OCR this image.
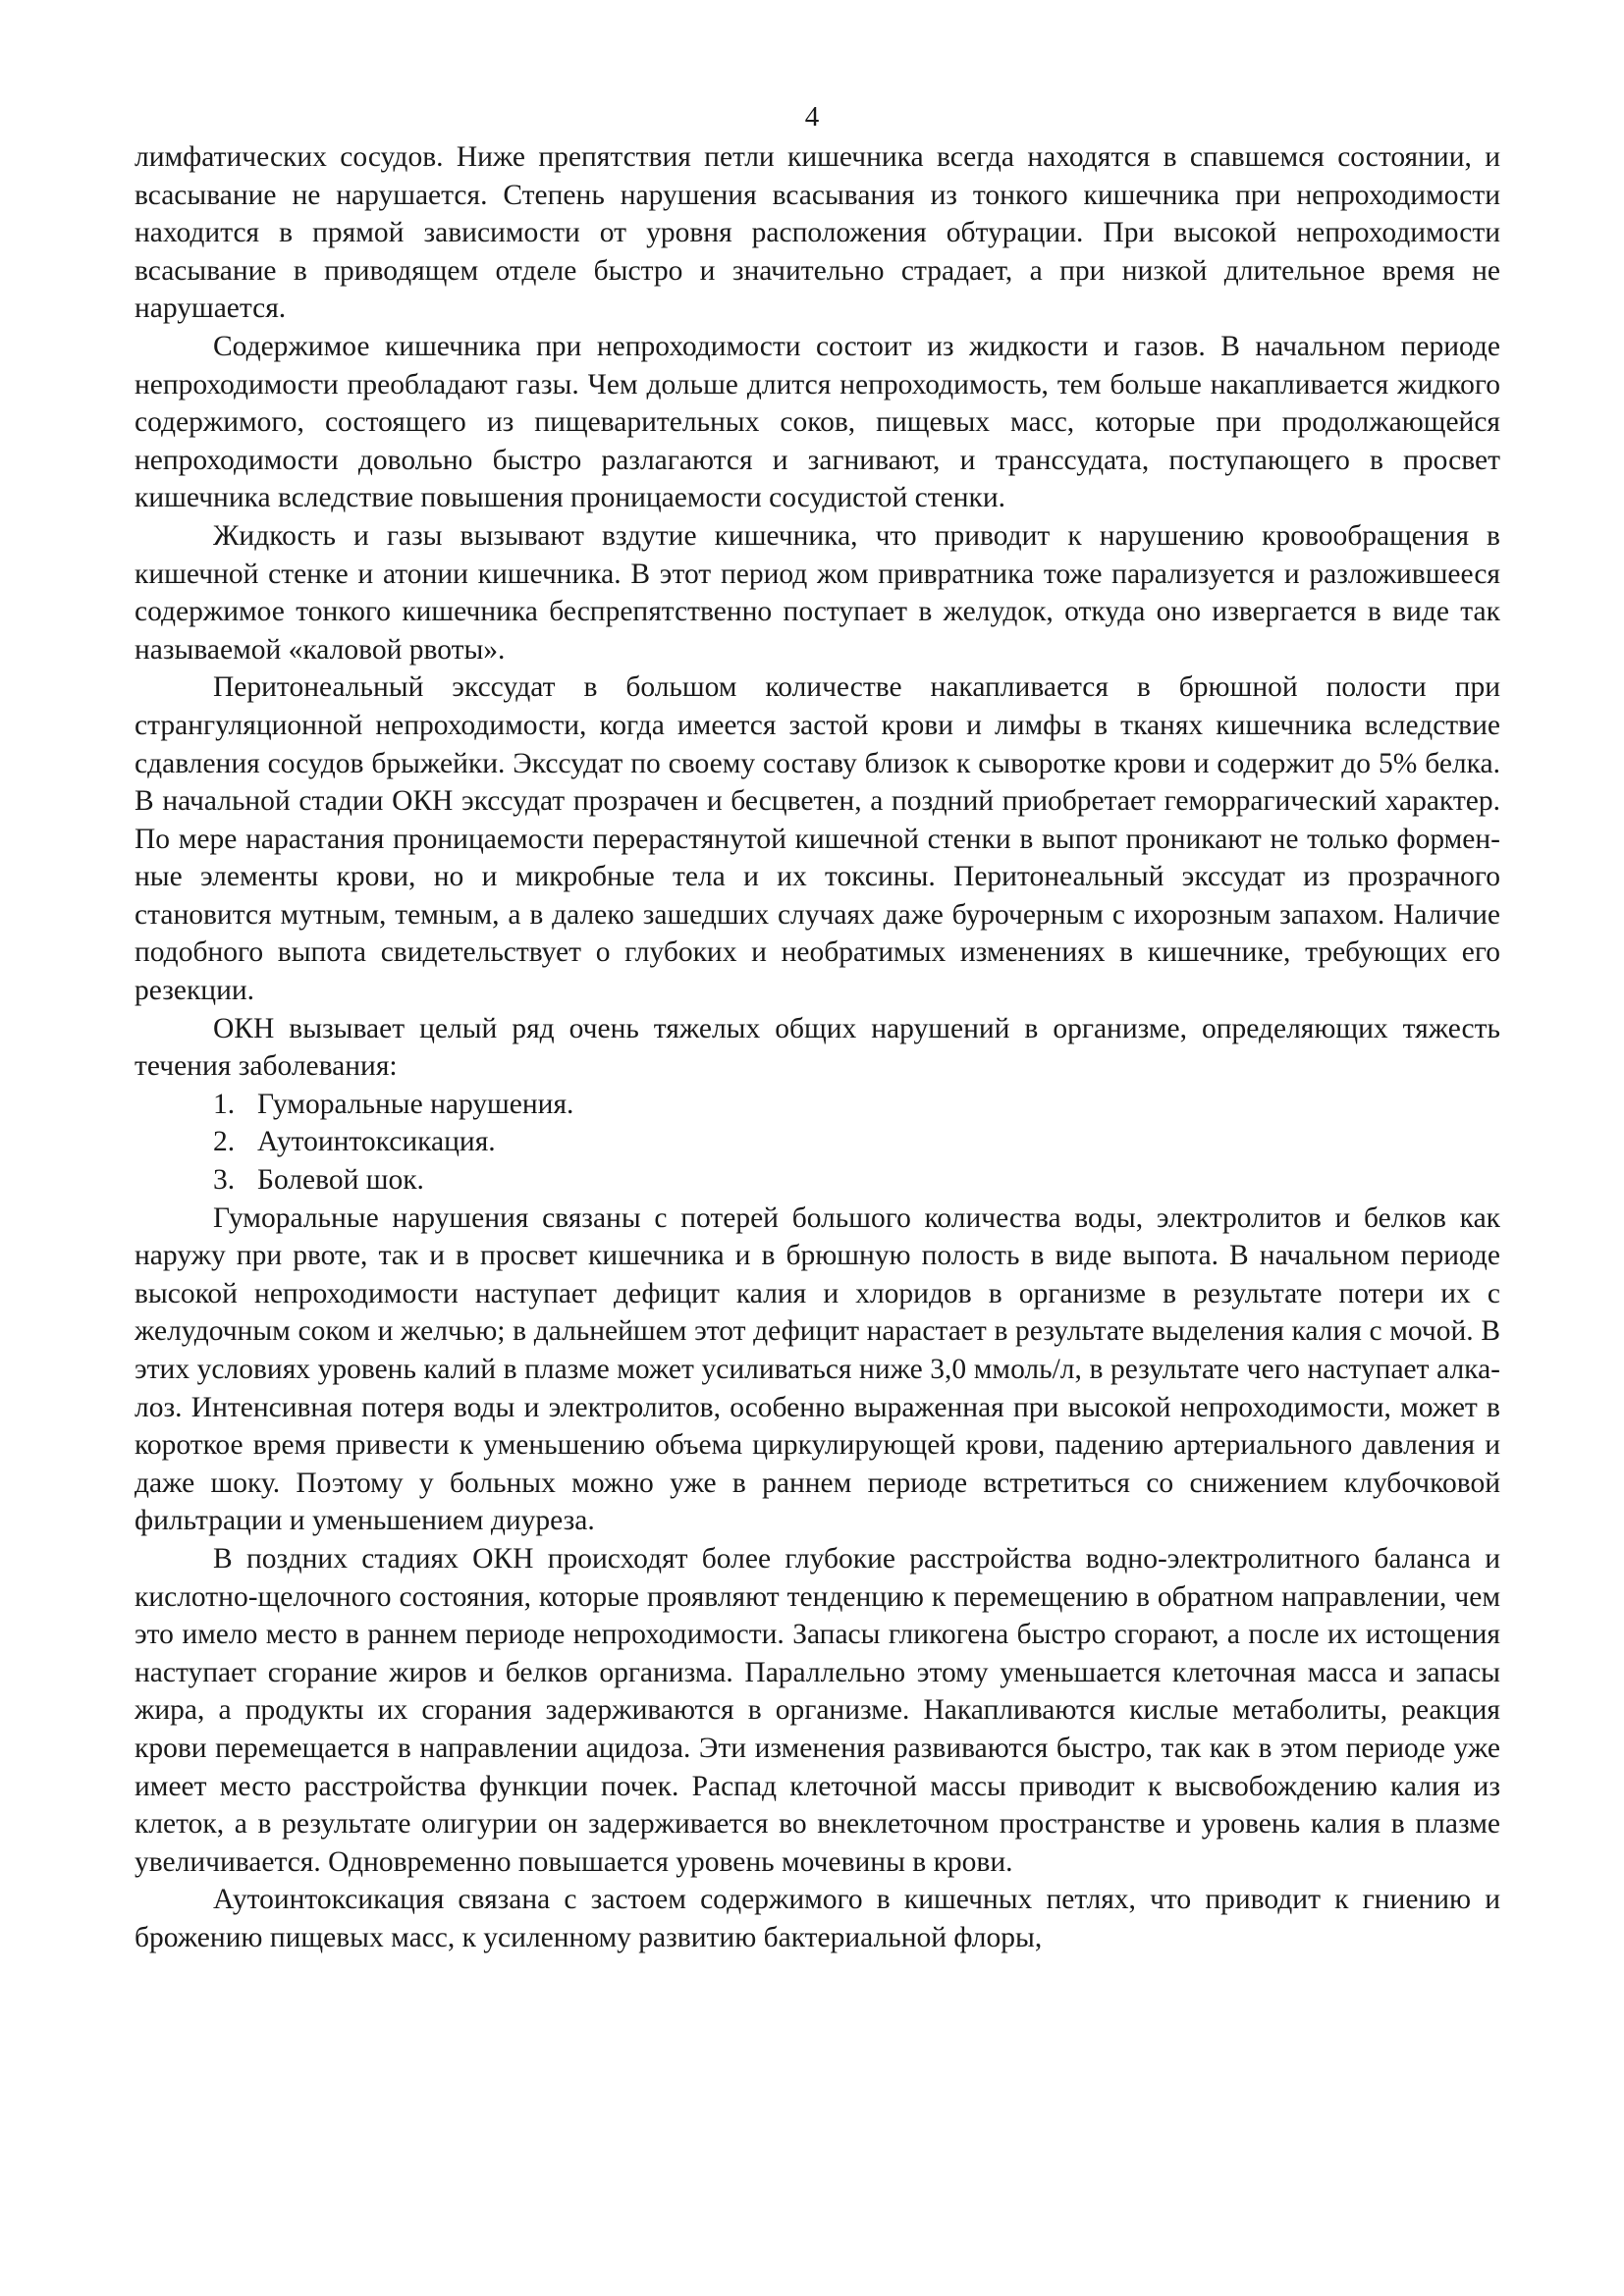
4

лимфатических сосудов. Ниже препятствия петли кишечника всегда находятся в спавшемся состоянии, и всасывание не нарушается. Степень нарушения всасывания из тонкого кишечника при непроходимости находится в прямой зависимости от уровня расположения обтурации. При высокой непроходимости всасывание в приводящем отделе быстро и значительно страдает, а при низкой длительное время не нарушается.

Содержимое кишечника при непроходимости состоит из жидкости и газов. В начальном периоде непроходимости преобладают газы. Чем дольше длится непроходимость, тем больше накапливается жидкого содержимого, состоящего из пищеварительных соков, пищевых масс, которые при продолжающейся непроходимости довольно быстро разлагаются и загнивают, и транссудата, поступающего в просвет кишечника вследствие повышения проницаемости сосудистой стенки.

Жидкость и газы вызывают вздутие кишечника, что приводит к нарушению кровообращения в кишечной стенке и атонии кишечника. В этот период жом привратника тоже парализуется и разложившееся содержимое тонкого кишечника беспрепятственно поступает в желудок, откуда оно извергается в виде так называемой «каловой рвоты».

Перитонеальный экссудат в большом количестве накапливается в брюшной полости при странгуляционной непроходимости, когда имеется застой крови и лимфы в тканях кишечника вследствие сдавления сосудов брыжейки. Экссудат по своему составу близок к сыворотке крови и содержит до 5% белка. В начальной стадии ОКН экссудат прозрачен и бесцветен, а поздний приобретает геморрагический характер. По мере нарастания проницаемости перерастянутой кишечной стенки в выпот проникают не только форменные элементы крови, но и микробные тела и их токсины. Перитонеальный экссудат из прозрачного становится мутным, темным, а в далеко зашедших случаях даже бурочерным с ихорозным запахом. Наличие подобного выпота свидетельствует о глубоких и необратимых изменениях в кишечнике, требующих его резекции.

ОКН вызывает целый ряд очень тяжелых общих нарушений в организме, определяющих тяжесть течения заболевания:

1. Гуморальные нарушения.
2. Аутоинтоксикация.
3. Болевой шок.

Гуморальные нарушения связаны с потерей большого количества воды, электролитов и белков как наружу при рвоте, так и в просвет кишечника и в брюшную полость в виде выпота. В начальном периоде высокой непроходимости наступает дефицит калия и хлоридов в организме в результате потери их с желудочным соком и желчью; в дальнейшем этот дефицит нарастает в результате выделения калия с мочой. В этих условиях уровень калий в плазме может усиливаться ниже 3,0 ммоль/л, в результате чего наступает алкалоз. Интенсивная потеря воды и электролитов, особенно выраженная при высокой непроходимости, может в короткое время привести к уменьшению объема циркулирующей крови, падению артериального давления и даже шоку. Поэтому у больных можно уже в раннем периоде встретиться со снижением клубочковой фильтрации и уменьшением диуреза.

В поздних стадиях ОКН происходят более глубокие расстройства водно-электролитного баланса и кислотно-щелочного состояния, которые проявляют тенденцию к перемещению в обратном направлении, чем это имело место в раннем периоде непроходимости. Запасы гликогена быстро сгорают, а после их истощения наступает сгорание жиров и белков организма. Параллельно этому уменьшается клеточная масса и запасы жира, а продукты их сгорания задерживаются в организме. Накапливаются кислые метаболиты, реакция крови перемещается в направлении ацидоза. Эти изменения развиваются быстро, так как в этом периоде уже имеет место расстройства функции почек. Распад клеточной массы приводит к высвобождению калия из клеток, а в результате олигурии он задерживается во внеклеточном пространстве и уровень калия в плазме увеличивается. Одновременно повышается уровень мочевины в крови.

Аутоинтоксикация связана с застоем содержимого в кишечных петлях, что приводит к гниению и брожению пищевых масс, к усиленному развитию бактериальной флоры,
